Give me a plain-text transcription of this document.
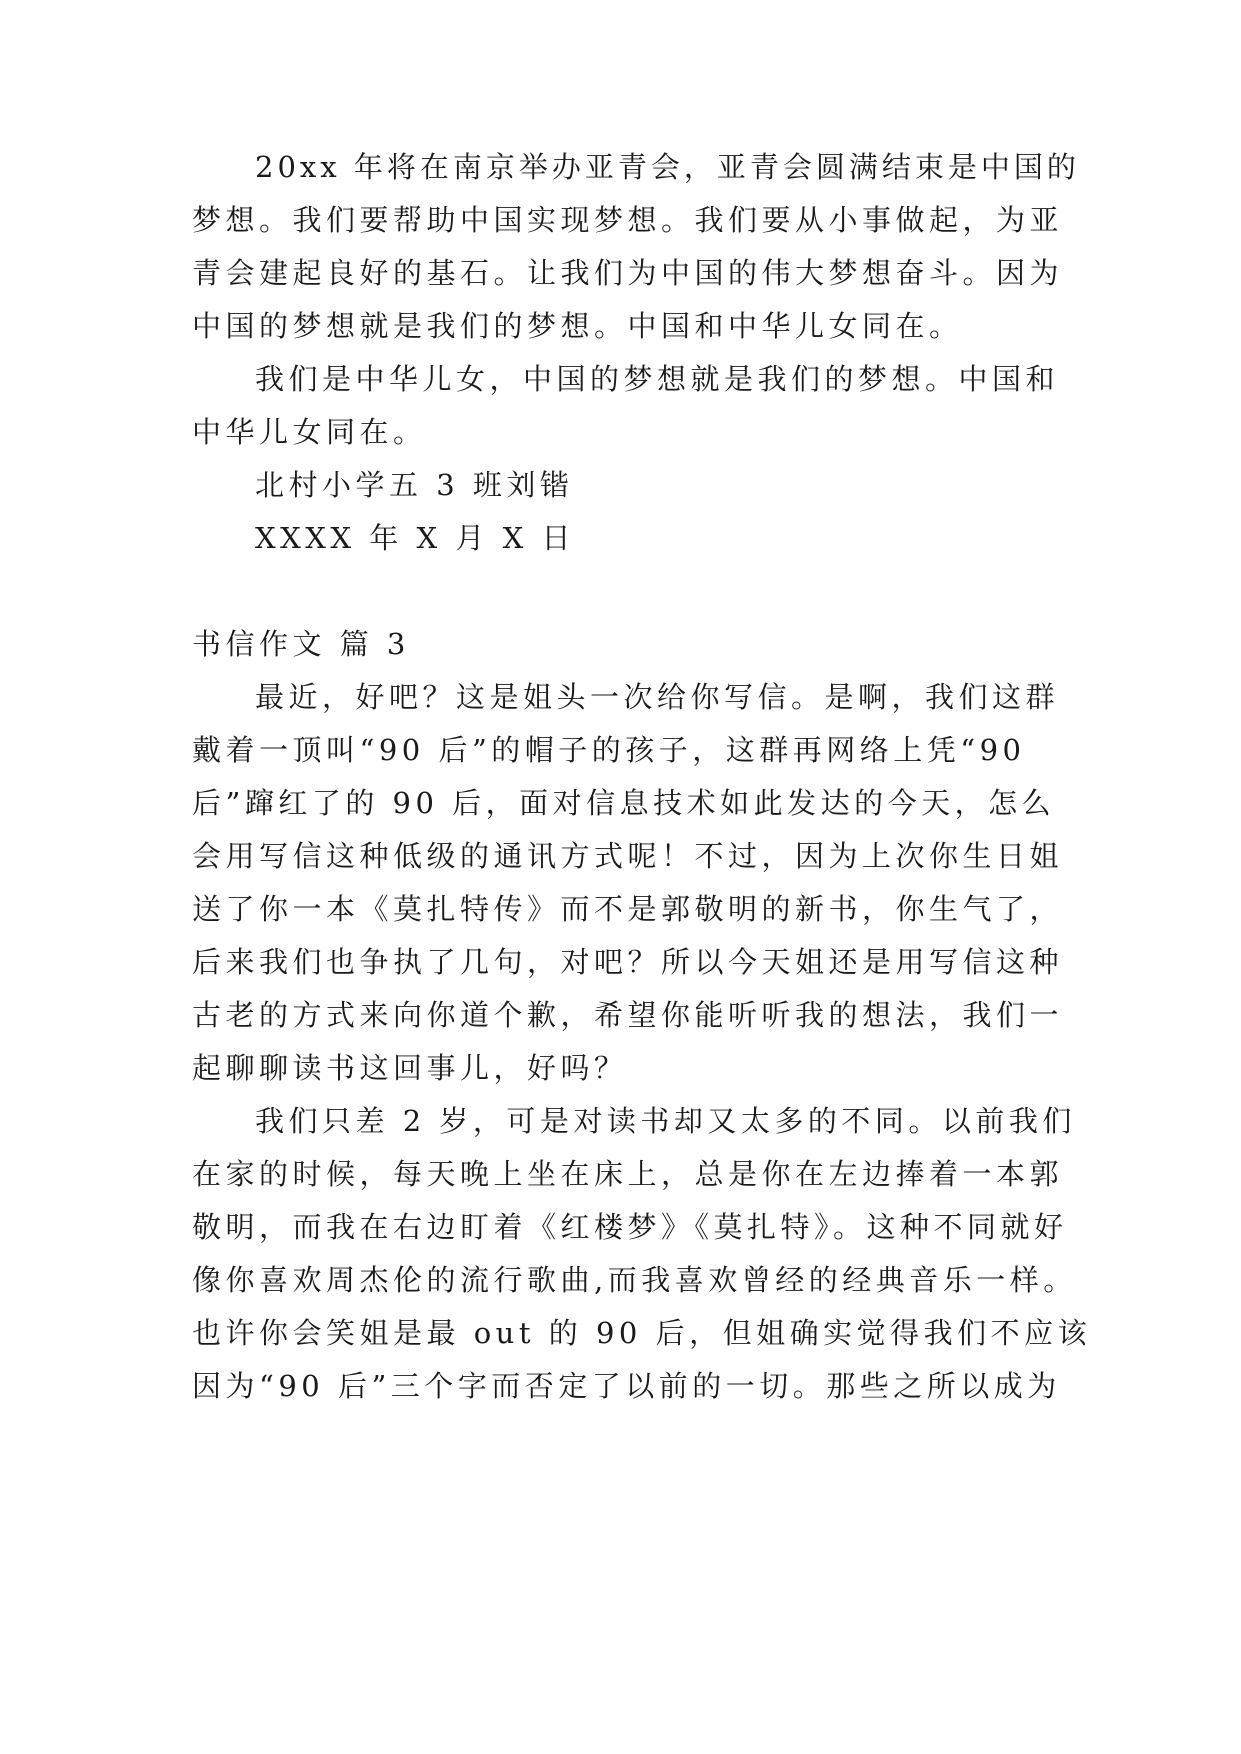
20xx 年将在南京举办亚青会，亚青会圆满结束是中国的
梦想。我们要帮助中国实现梦想。我们要从小事做起，为亚
青会建起良好的基石。让我们为中国的伟大梦想奋斗。因为
中国的梦想就是我们的梦想。中国和中华儿女同在。
我们是中华儿女，中国的梦想就是我们的梦想。中国和
中华儿女同在。
北村小学五 3 班刘锴
XXXX 年 X 月 X 日
书信作文 篇 3
最近，好吧？这是姐头一次给你写信。是啊，我们这群
戴着一顶叫“90 后”的帽子的孩子，这群再网络上凭“90
后”蹿红了的 90 后，面对信息技术如此发达的今天，怎么
会用写信这种低级的通讯方式呢！不过，因为上次你生日姐
送了你一本《莫扎特传》而不是郭敬明的新书，你生气了，
后来我们也争执了几句，对吧？所以今天姐还是用写信这种
古老的方式来向你道个歉，希望你能听听我的想法，我们一
起聊聊读书这回事儿，好吗？
我们只差 2 岁，可是对读书却又太多的不同。以前我们
在家的时候，每天晚上坐在床上，总是你在左边捧着一本郭
敬明，而我在右边盯着《红楼梦》《莫扎特》。这种不同就好
像你喜欢周杰伦的流行歌曲,而我喜欢曾经的经典音乐一样。
也许你会笑姐是最 out 的 90 后，但姐确实觉得我们不应该
因为“90 后”三个字而否定了以前的一切。那些之所以成为
